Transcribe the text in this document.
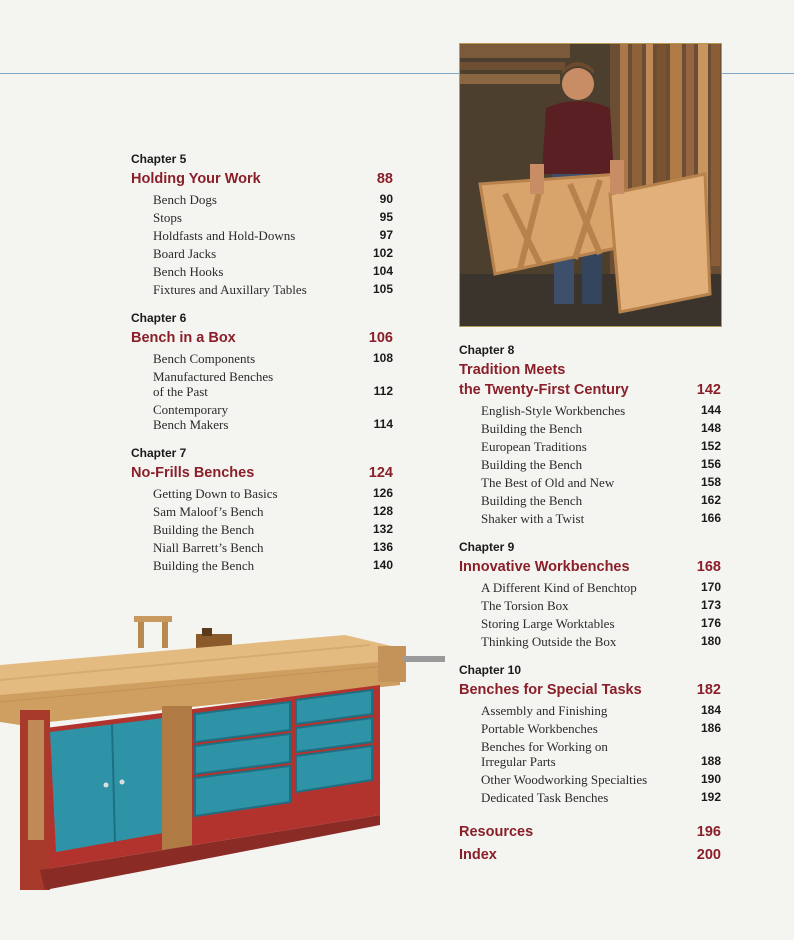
Chapter 5
Holding Your Work	88
Bench Dogs	90
Stops	95
Holdfasts and Hold-Downs	97
Board Jacks	102
Bench Hooks	104
Fixtures and Auxillary Tables	105
Chapter 6
Bench in a Box	106
Bench Components	108
Manufactured Benches
of the Past	112
Contemporary
Bench Makers	114
Chapter 7
No-Frills Benches	124
Getting Down to Basics	126
Sam Maloof’s Bench	128
Building the Bench	132
Niall Barrett’s Bench	136
Building the Bench	140
Chapter 8
Tradition Meets
the Twenty-First Century	142
English-Style Workbenches	144
Building the Bench	148
European Traditions	152
Building the Bench	156
The Best of Old and New	158
Building the Bench	162
Shaker with a Twist	166
Chapter 9
Innovative Workbenches	168
A Different Kind of Benchtop	170
The Torsion Box	173
Storing Large Worktables	176
Thinking Outside the Box	180
Chapter 10
Benches for Special Tasks	182
Assembly and Finishing	184
Portable Workbenches	186
Benches for Working on
Irregular Parts	188
Other Woodworking Specialties	190
Dedicated Task Benches	192
Resources	196
Index	200
